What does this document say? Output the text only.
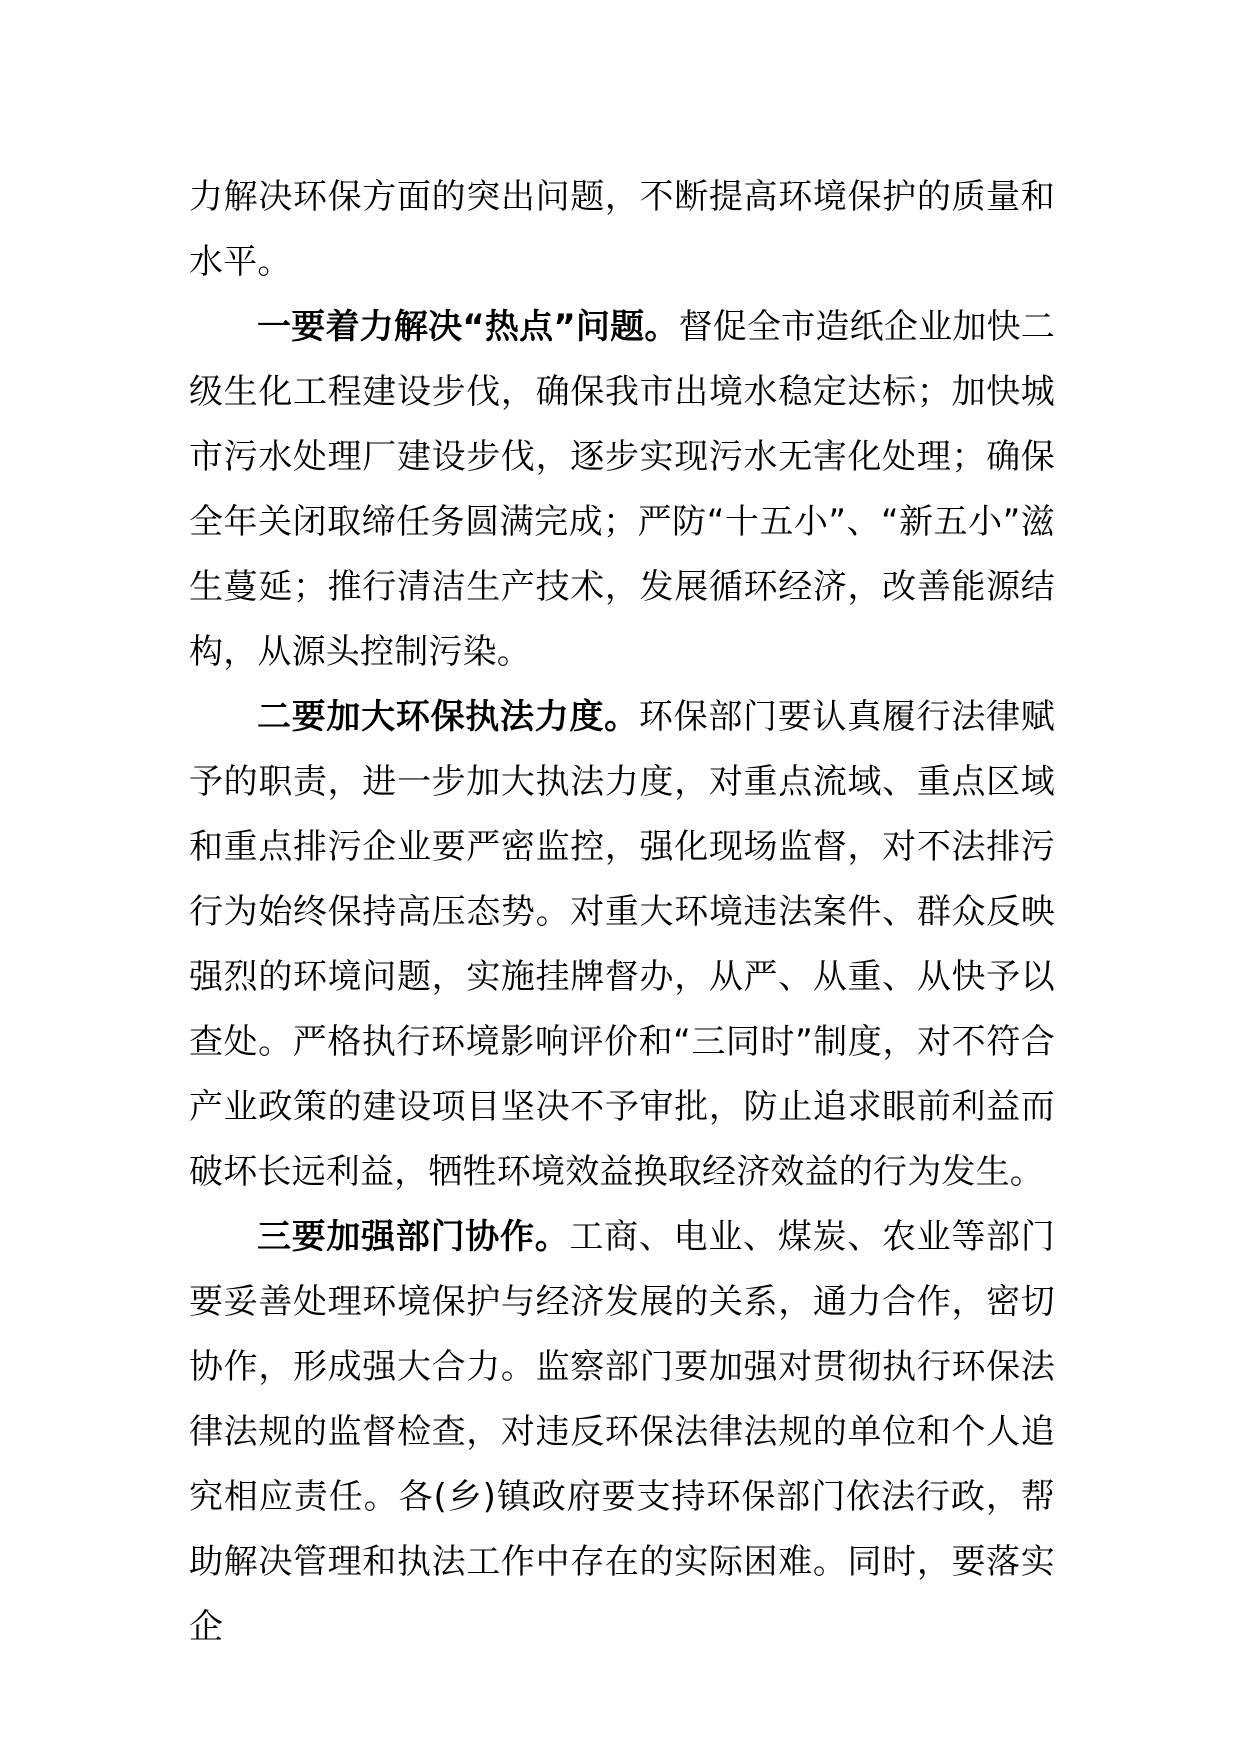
力解决环保方面的突出问题，不断提高环境保护的质量和水平。

一要着力解决“热点”问题。督促全市造纸企业加快二级生化工程建设步伐，确保我市出境水稳定达标；加快城市污水处理厂建设步伐，逐步实现污水无害化处理；确保全年关闭取缔任务圆满完成；严防“十五小”、“新五小”滋生蔓延；推行清洁生产技术，发展循环经济，改善能源结构，从源头控制污染。

二要加大环保执法力度。环保部门要认真履行法律赋予的职责，进一步加大执法力度，对重点流域、重点区域和重点排污企业要严密监控，强化现场监督，对不法排污行为始终保持高压态势。对重大环境违法案件、群众反映强烈的环境问题，实施挂牌督办，从严、从重、从快予以查处。严格执行环境影响评价和“三同时”制度，对不符合产业政策的建设项目坚决不予审批，防止追求眼前利益而破坏长远利益，牺牲环境效益换取经济效益的行为发生。

三要加强部门协作。工商、电业、煤炭、农业等部门要妥善处理环境保护与经济发展的关系，通力合作，密切协作，形成强大合力。监察部门要加强对贯彻执行环保法律法规的监督检查，对违反环保法律法规的单位和个人追究相应责任。各(乡)镇政府要支持环保部门依法行政，帮助解决管理和执法工作中存在的实际困难。同时，要落实企
